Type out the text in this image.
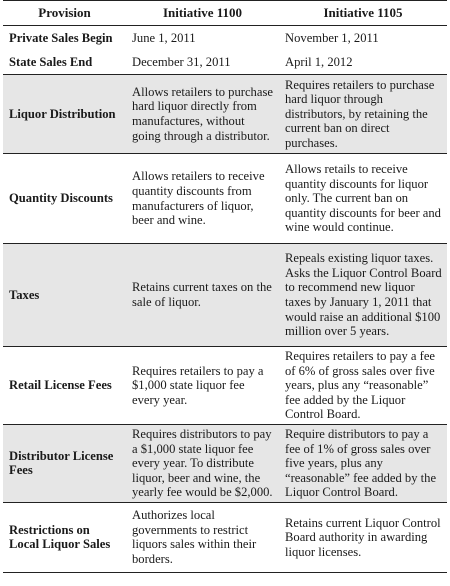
Provision	Initiative 1100	Initiative 1105
Private Sales Begin	June 1, 2011	November 1, 2011
State Sales End	December 31, 2011	April 1, 2012
Liquor Distribution	Allows retailers to purchase hard liquor directly from manufactures, without going through a distributor.	Requires retailers to purchase hard liquor through distributors, by retaining the current ban on direct purchases.
Quantity Discounts	Allows retailers to receive quantity discounts from manufacturers of liquor, beer and wine.	Allows retails to receive quantity discounts for liquor only. The current ban on quantity discounts for beer and wine would continue.
Taxes	Retains current taxes on the sale of liquor.	Repeals existing liquor taxes. Asks the Liquor Control Board to recommend new liquor taxes by January 1, 2011 that would raise an additional $100 million over 5 years.
Retail License Fees	Requires retailers to pay a $1,000 state liquor fee every year.	Requires retailers to pay a fee of 6% of gross sales over five years, plus any “reasonable” fee added by the Liquor Control Board.
Distributor License Fees	Requires distributors to pay a $1,000 state liquor fee every year. To distribute liquor, beer and wine, the yearly fee would be $2,000.	Require distributors to pay a fee of 1% of gross sales over five years, plus any “reasonable” fee added by the Liquor Control Board.
Restrictions on Local Liquor Sales	Authorizes local governments to restrict liquors sales within their borders.	Retains current Liquor Control Board authority in awarding liquor licenses.
